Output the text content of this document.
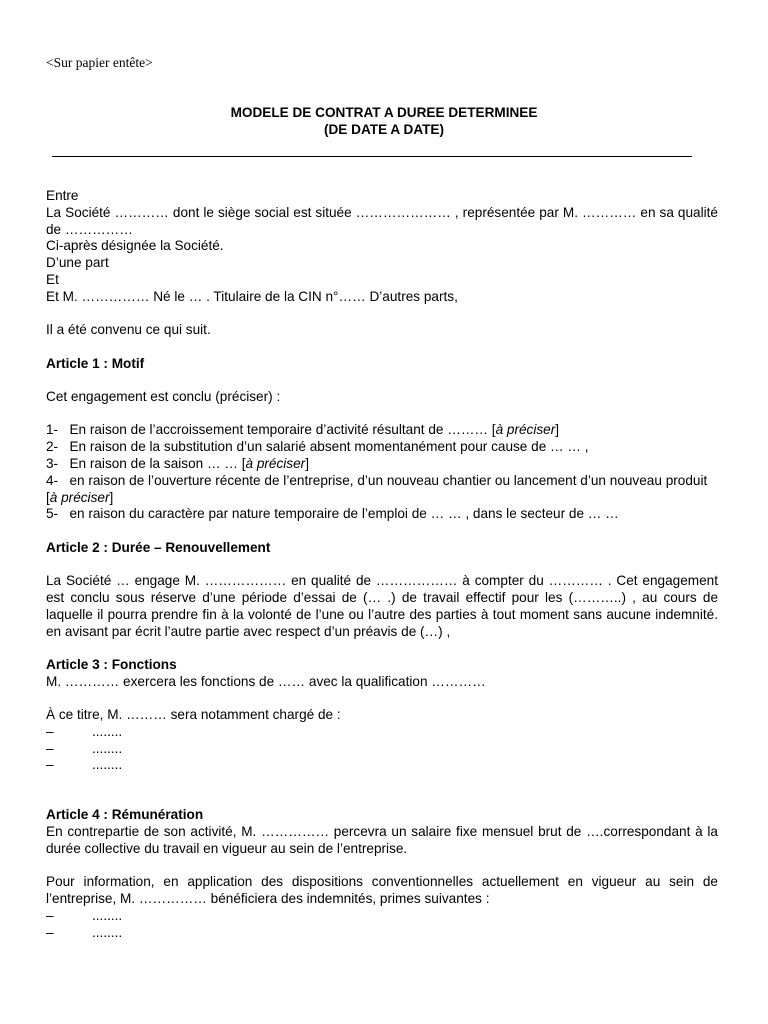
<Sur papier entête>
MODELE DE CONTRAT A DUREE DETERMINEE
(DE DATE A DATE)

Entre

La Société ………… dont le siège social est située ………………… , représentée par M. ………… en sa qualité de ……………

Ci-après désignée la Société.

D’une part

Et

Et M. …………… Né le … . Titulaire de la CIN n°…… D’autres parts,

Il a été convenu ce qui suit.

Article 1 : Motif

Cet engagement est conclu (préciser) :

1- En raison de l’accroissement temporaire d’activité résultant de ……… [à préciser]

2- En raison de la substitution d’un salarié absent momentanément pour cause de … … ,

3- En raison de la saison … … [à préciser]

4- en raison de l’ouverture récente de l’entreprise, d’un nouveau chantier ou lancement d’un nouveau produit [à préciser]

5- en raison du caractère par nature temporaire de l’emploi de … … , dans le secteur de … …

Article 2 : Durée – Renouvellement

La Société … engage M. ……………… en qualité de ……………… à compter du ………… . Cet engagement est conclu sous réserve d’une période d’essai de (… .) de travail effectif pour les (………..) , au cours de laquelle il pourra prendre fin à la volonté de l’une ou l’autre des parties à tout moment sans aucune indemnité. en avisant par écrit l’autre partie avec respect d’un préavis de (…) ,

Article 3 : Fonctions

M. ………… exercera les fonctions de …… avec la qualification …………

À ce titre, M. ……… sera notamment chargé de :

–	........
–	........
–	........

Article 4 : Rémunération

En contrepartie de son activité, M. …………… percevra un salaire fixe mensuel brut de ….correspondant à la durée collective du travail en vigueur au sein de l’entreprise.

Pour information, en application des dispositions conventionnelles actuellement en vigueur au sein de l’entreprise, M. …………… bénéficiera des indemnités, primes suivantes :

–	........
–	........
